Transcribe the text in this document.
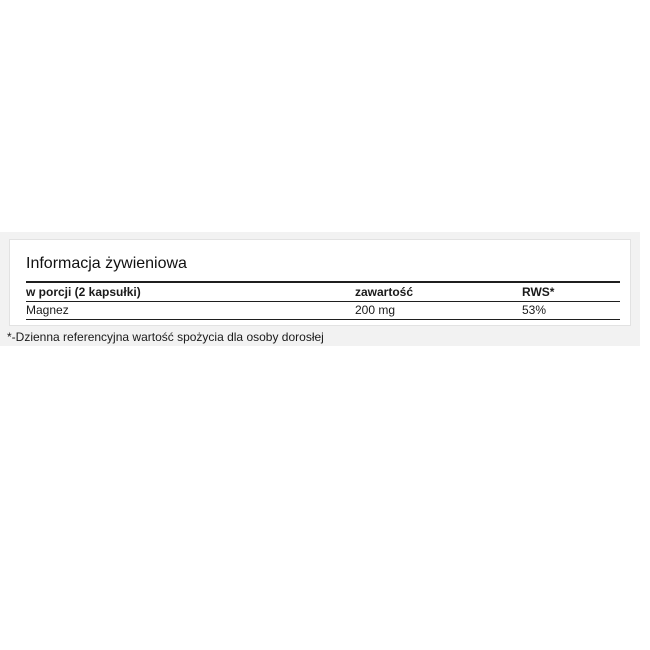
Informacja żywieniowa
w porcji (2 kapsułki)	zawartość	RWS*
Magnez	200 mg	53%
*-Dzienna referencyjna wartość spożycia dla osoby dorosłej
